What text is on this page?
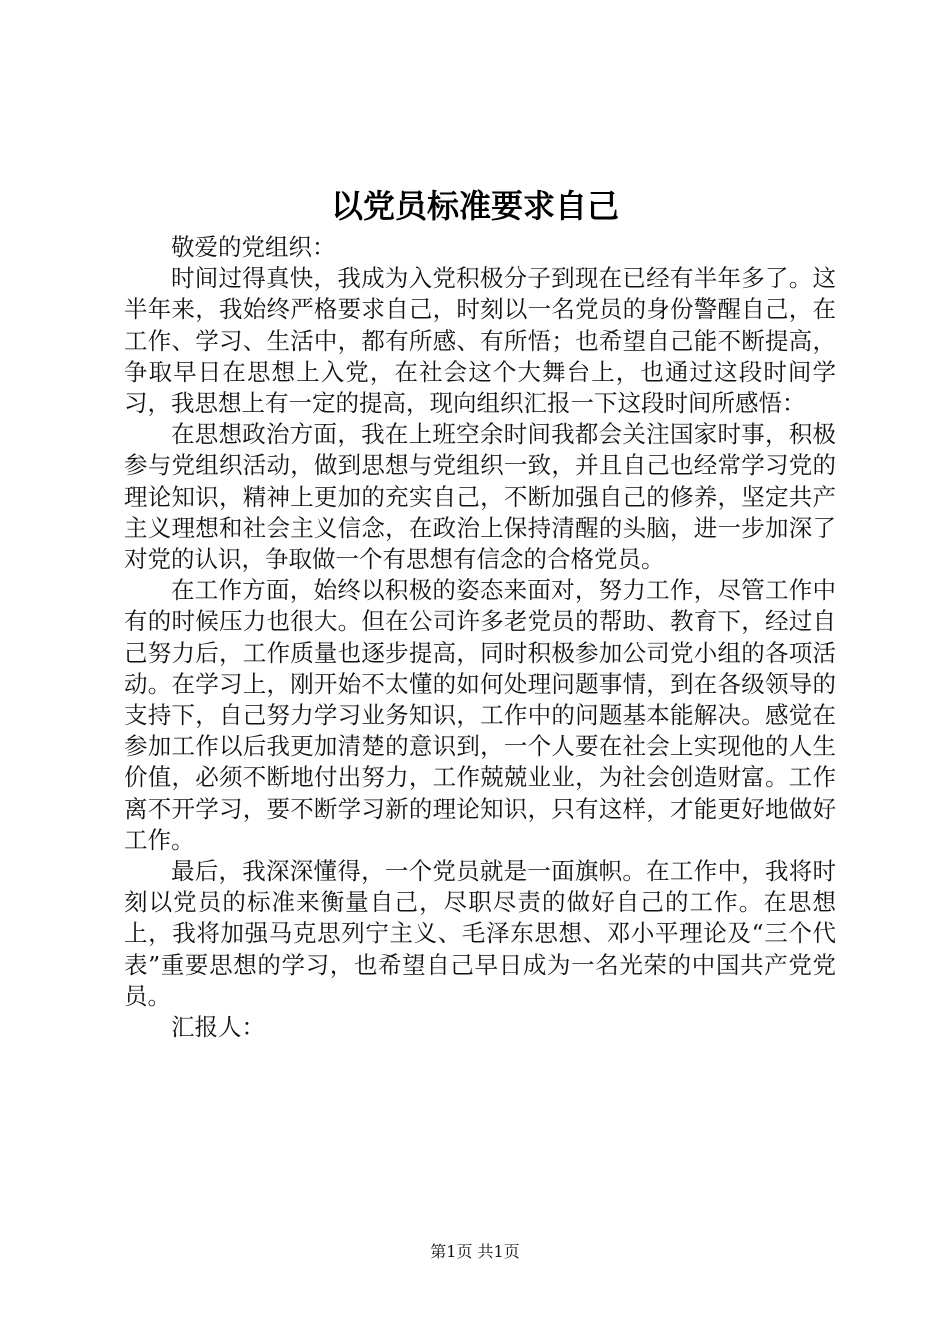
以党员标准要求自己

敬爱的党组织：

时间过得真快，我成为入党积极分子到现在已经有半年多了。这半年来，我始终严格要求自己，时刻以一名党员的身份警醒自己，在工作、学习、生活中，都有所感、有所悟；也希望自己能不断提高，争取早日在思想上入党，在社会这个大舞台上，也通过这段时间学习，我思想上有一定的提高，现向组织汇报一下这段时间所感悟：

在思想政治方面，我在上班空余时间我都会关注国家时事，积极参与党组织活动，做到思想与党组织一致，并且自己也经常学习党的理论知识，精神上更加的充实自己，不断加强自己的修养，坚定共产主义理想和社会主义信念，在政治上保持清醒的头脑，进一步加深了对党的认识，争取做一个有思想有信念的合格党员。

在工作方面，始终以积极的姿态来面对，努力工作，尽管工作中有的时候压力也很大。但在公司许多老党员的帮助、教育下，经过自己努力后，工作质量也逐步提高，同时积极参加公司党小组的各项活动。在学习上，刚开始不太懂的如何处理问题事情，到在各级领导的支持下，自己努力学习业务知识，工作中的问题基本能解决。感觉在参加工作以后我更加清楚的意识到，一个人要在社会上实现他的人生价值，必须不断地付出努力，工作兢兢业业，为社会创造财富。工作离不开学习，要不断学习新的理论知识，只有这样，才能更好地做好工作。

最后，我深深懂得，一个党员就是一面旗帜。在工作中，我将时刻以党员的标准来衡量自己，尽职尽责的做好自己的工作。在思想上，我将加强马克思列宁主义、毛泽东思想、邓小平理论及“三个代表”重要思想的学习，也希望自己早日成为一名光荣的中国共产党党员。

汇报人：

第1页 共1页
